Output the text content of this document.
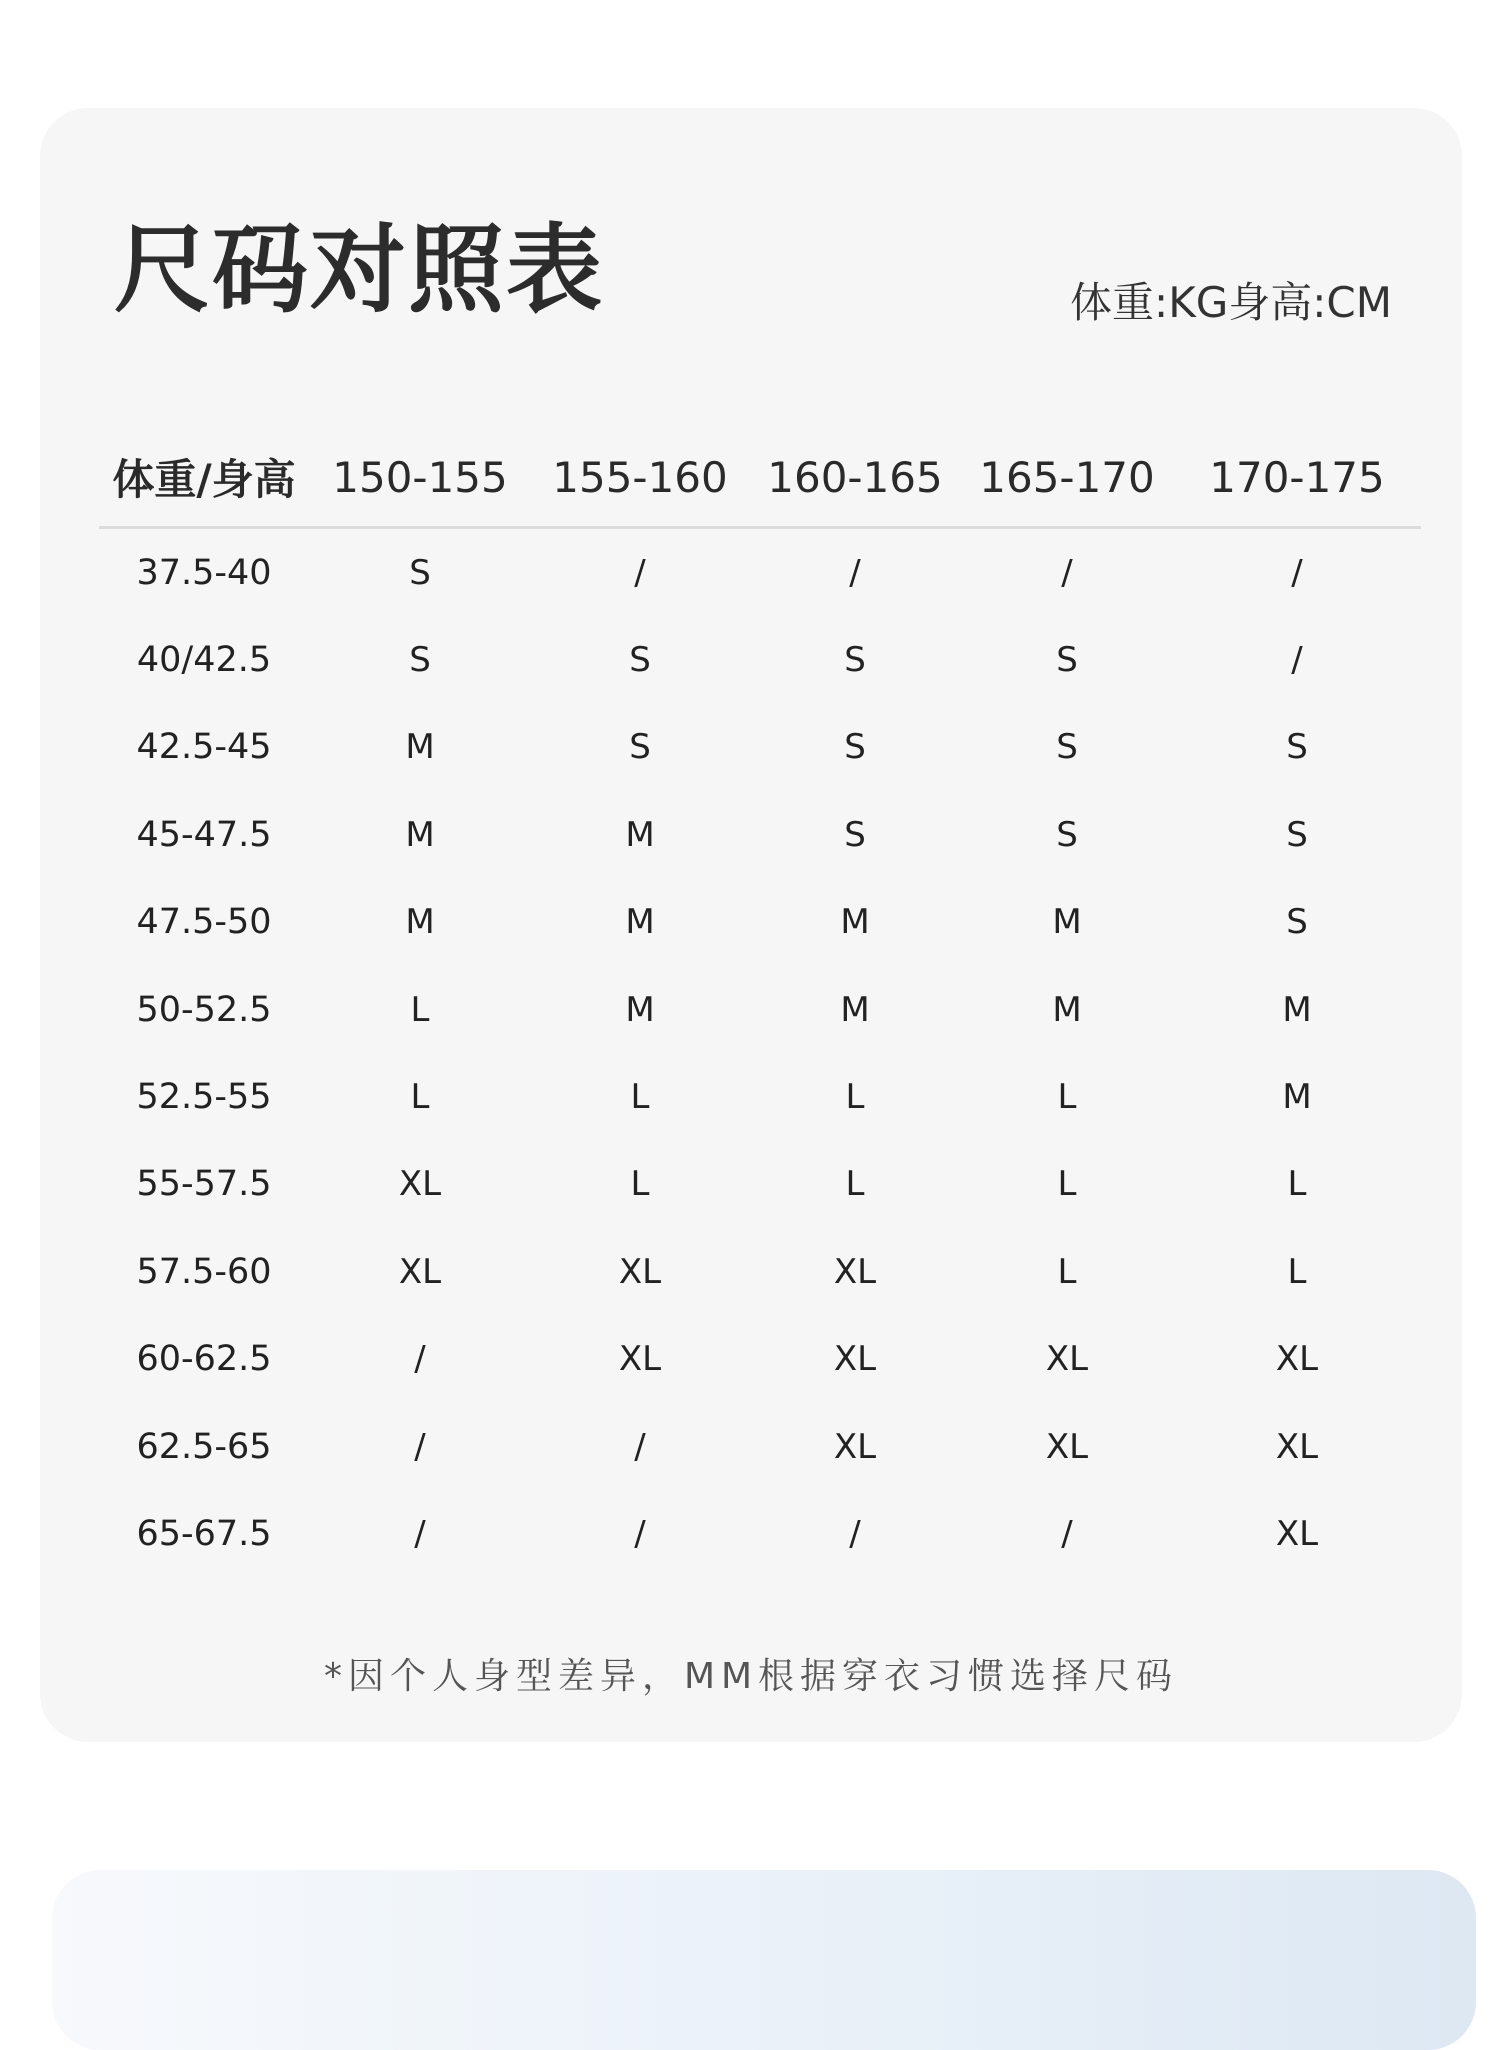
尺码对照表	体重:KG身高:CM
体重/身高	150-155	155-160	160-165	165-170	170-175
37.5-40	S	/	/	/	/
40/42.5	S	S	S	S	/
42.5-45	M	S	S	S	S
45-47.5	M	M	S	S	S
47.5-50	M	M	M	M	S
50-52.5	L	M	M	M	M
52.5-55	L	L	L	L	M
55-57.5	XL	L	L	L	L
57.5-60	XL	XL	XL	L	L
60-62.5	/	XL	XL	XL	XL
62.5-65	/	/	XL	XL	XL
65-67.5	/	/	/	/	XL
*因个人身型差异，MM根据穿衣习惯选择尺码
